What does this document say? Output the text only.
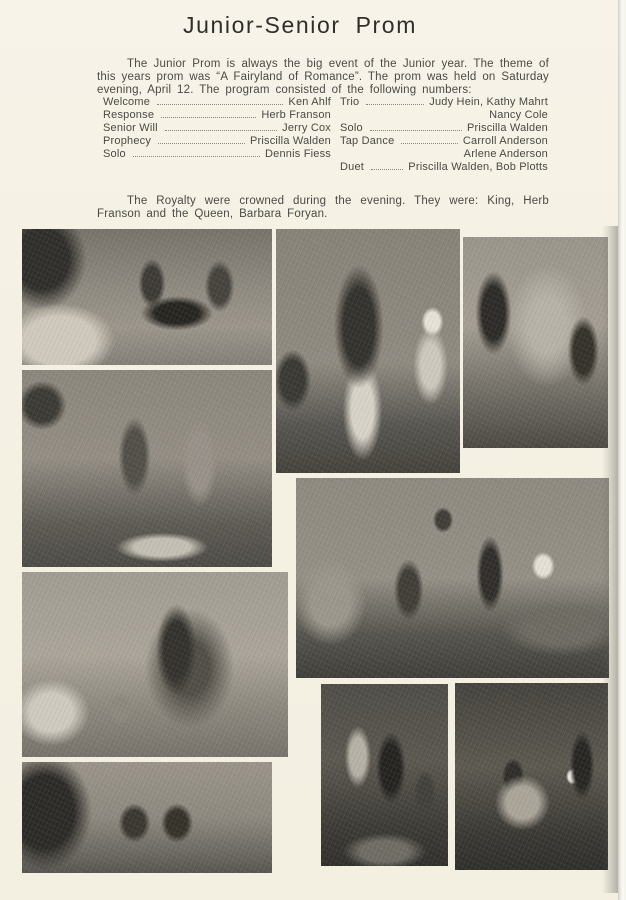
Junior-Senior Prom

The Junior Prom is always the big event of the Junior year. The theme of this years prom was “A Fairyland of Romance”. The prom was held on Saturday evening, April 12. The program consisted of the following numbers:

Welcome	Ken Ahlf
Response	Herb Franson
Senior Will	Jerry Cox
Prophecy	Priscilla Walden
Solo	Dennis Fiess
Trio	Judy Hein, Kathy Mahrt
Nancy Cole
Solo	Priscilla Walden
Tap Dance	Carroll Anderson
Arlene Anderson
Duet	Priscilla Walden, Bob Plotts

The Royalty were crowned during the evening. They were: King, Herb Franson and the Queen, Barbara Foryan.
